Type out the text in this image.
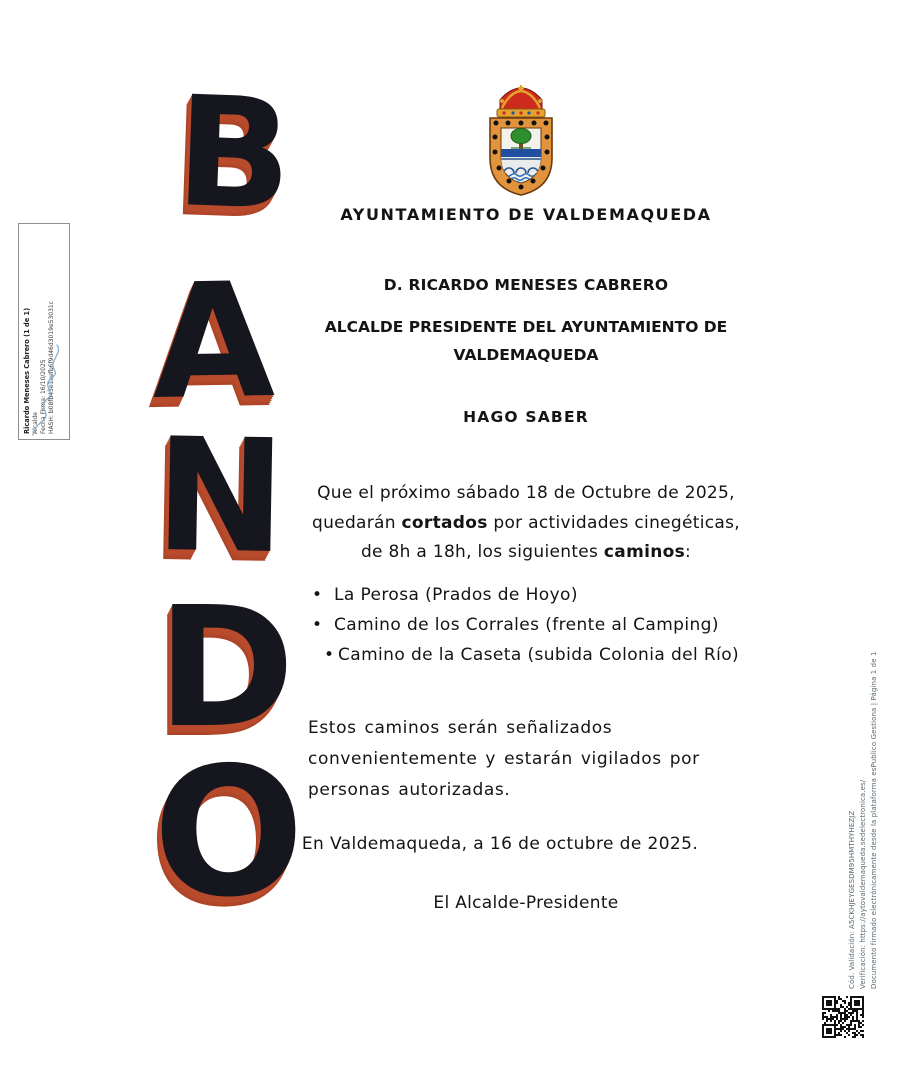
B
A
N
D
O
Ricardo Meneses Cabrero (1 de 1) Alcalde Fecha Firma: 16/10/2025 HASH: b08fb43e1eefb6f9d46d3019e53031c
AYUNTAMIENTO DE VALDEMAQUEDA
D. RICARDO MENESES CABRERO
ALCALDE PRESIDENTE DEL AYUNTAMIENTO DE
VALDEMAQUEDA
HAGO SABER
Que el próximo sábado 18 de Octubre de 2025,
quedarán cortados por actividades cinegéticas,
de 8h a 18h, los siguientes caminos:
• La Perosa (Prados de Hoyo)
• Camino de los Corrales (frente al Camping)
• Camino de la Caseta (subida Colonia del Río)
Estos caminos serán señalizados
convenientemente y estarán vigilados por
personas autorizadas.
En Valdemaqueda, a 16 de octubre de 2025.
El Alcalde-Presidente	Cód. Validación: A5CKHJEYGESDM95HMTHYHEZJZ Verificación: https://aytovaldemaqueda.sedelectronica.es/ Documento firmado electrónicamente desde la plataforma esPublico Gestiona | Página 1 de 1
